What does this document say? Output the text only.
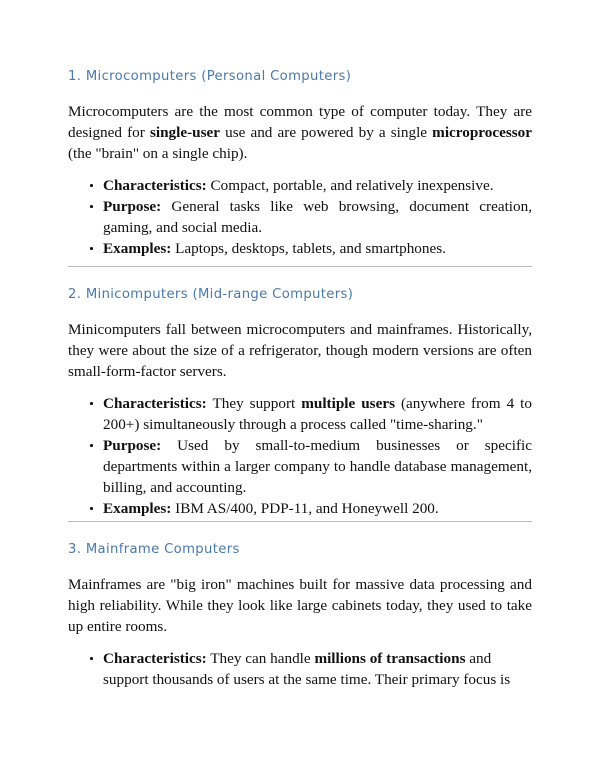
1. Microcomputers (Personal Computers)

Microcomputers are the most common type of computer today. They are designed for single-user use and are powered by a single microprocessor (the "brain" on a single chip).

Characteristics: Compact, portable, and relatively inexpensive.
Purpose: General tasks like web browsing, document creation, gaming, and social media.
Examples: Laptops, desktops, tablets, and smartphones.
2. Minicomputers (Mid-range Computers)

Minicomputers fall between microcomputers and mainframes. Historically, they were about the size of a refrigerator, though modern versions are often small-form-factor servers.

Characteristics: They support multiple users (anywhere from 4 to 200+) simultaneously through a process called "time-sharing."
Purpose: Used by small-to-medium businesses or specific departments within a larger company to handle database management, billing, and accounting.
Examples: IBM AS/400, PDP-11, and Honeywell 200.
3. Mainframe Computers

Mainframes are "big iron" machines built for massive data processing and high reliability. While they look like large cabinets today, they used to take up entire rooms.

Characteristics: They can handle millions of transactions and support thousands of users at the same time. Their primary focus is
